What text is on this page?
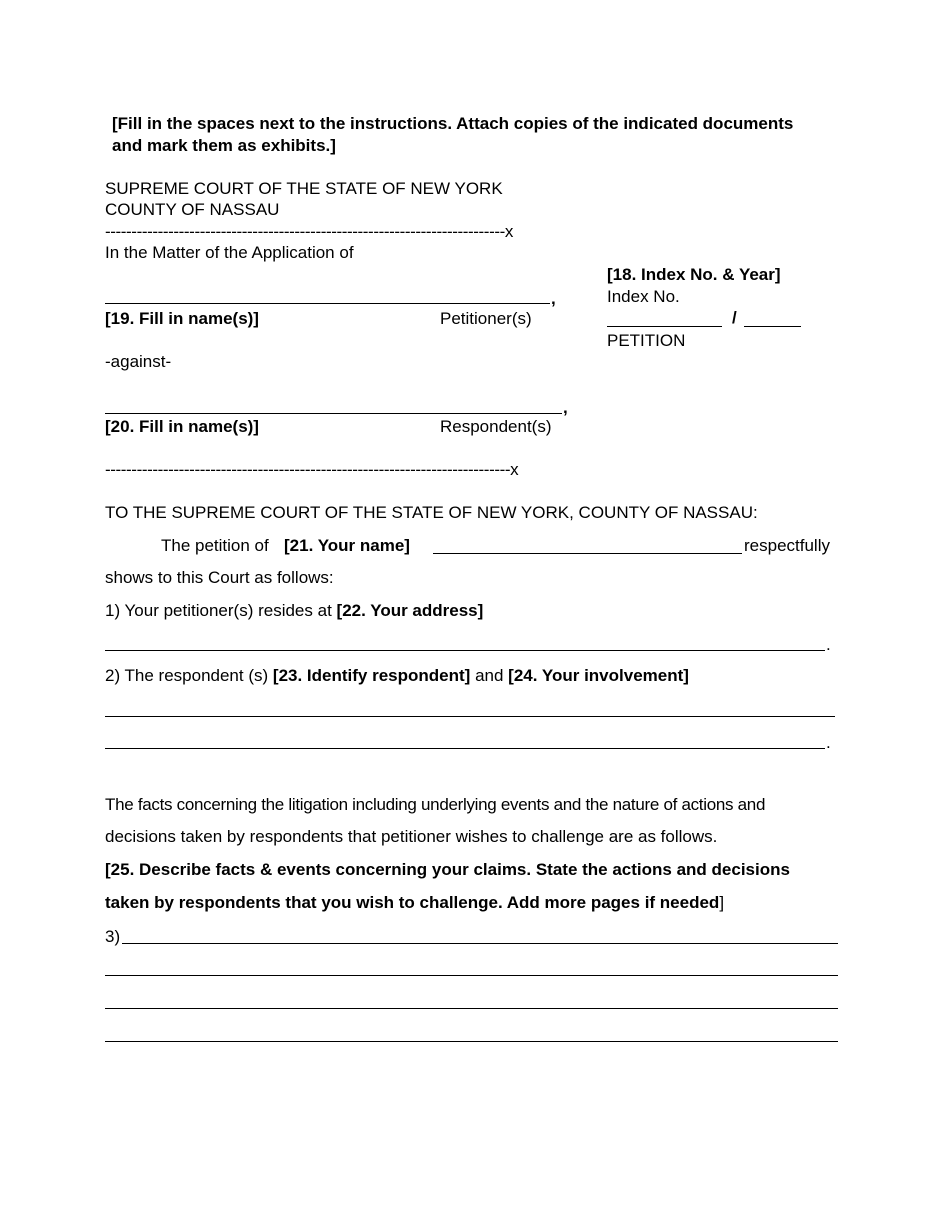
[Fill in the spaces next to the instructions. Attach copies of the indicated documents
and mark them as exhibits.]
SUPREME COURT OF THE STATE OF NEW YORK
COUNTY OF NASSAU
----------------------------------------------------------------------------x
In the Matter of the Application of
,
[19. Fill in name(s)]	Petitioner(s)
[18. Index No. & Year]
Index No.
/
PETITION
-against-
,
[20. Fill in name(s)]	Respondent(s)
-----------------------------------------------------------------------------x
TO THE SUPREME COURT OF THE STATE OF NEW YORK, COUNTY OF NASSAU:
The petition of [21. Your name]	respectfully
shows to this Court as follows:
1) Your petitioner(s) resides at [22. Your address]
.
2) The respondent (s) [23. Identify respondent] and [24. Your involvement]
.
The facts concerning the litigation including underlying events and the nature of actions and
decisions taken by respondents that petitioner wishes to challenge are as follows.
[25. Describe facts & events concerning your claims. State the actions and decisions
taken by respondents that you wish to challenge. Add more pages if needed]
3)
